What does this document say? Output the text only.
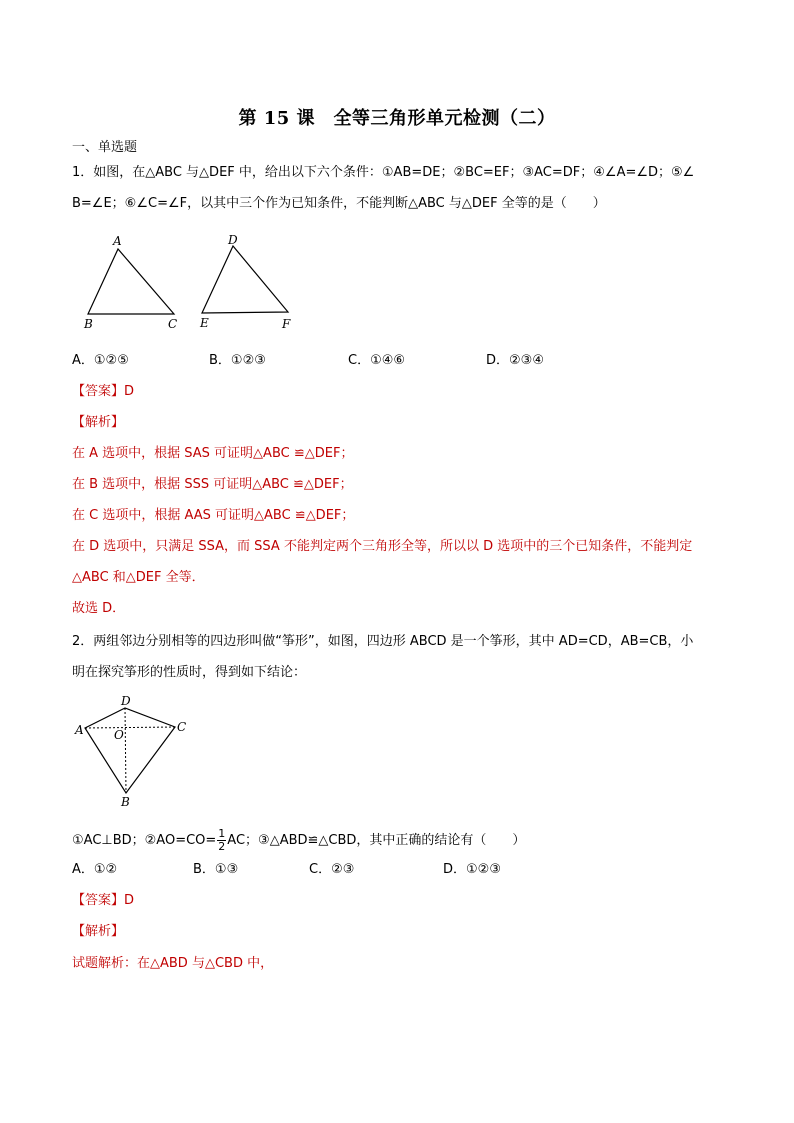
第 15 课　全等三角形单元检测（二）
一、单选题
1．如图，在△ABC 与△DEF 中，给出以下六个条件：①AB=DE；②BC=EF；③AC=DF；④∠A=∠D；⑤∠
B=∠E；⑥∠C=∠F，以其中三个作为已知条件，不能判断△ABC 与△DEF 全等的是（　　）
A
B	C
D
E	F
A．①②⑤	B．①②③	C．①④⑥	D．②③④
【答案】D
【解析】
在 A 选项中，根据 SAS 可证明△ABC ≌△DEF；
在 B 选项中，根据 SSS 可证明△ABC ≌△DEF；
在 C 选项中，根据 AAS 可证明△ABC ≌△DEF；
在 D 选项中，只满足 SSA，而 SSA 不能判定两个三角形全等，所以以 D 选项中的三个已知条件，不能判定
△ABC 和△DEF 全等．
故选 D．
2．两组邻边分别相等的四边形叫做“筝形”，如图，四边形 ABCD 是一个筝形，其中 AD=CD，AB=CB，小
明在探究筝形的性质时，得到如下结论：
D
A	C
O
B
①AC⊥BD；②AO=CO= $\frac{1}{2}$ AC；③△ABD≌△CBD，其中正确的结论有（　　）
A．①②	B．①③	C．②③	D．①②③
【答案】D
【解析】
试题解析：在△ABD 与△CBD 中，
